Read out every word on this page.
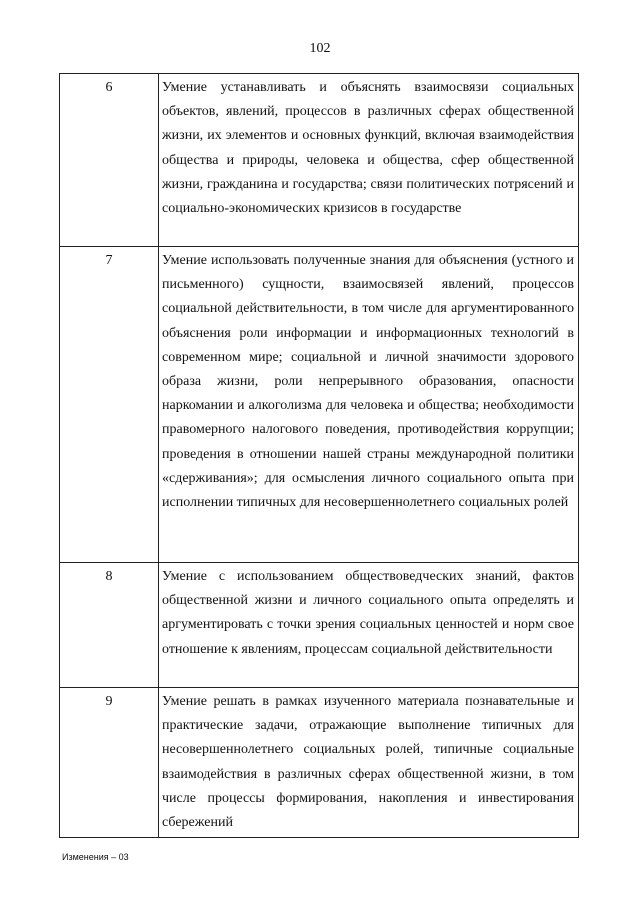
102
6	Умение устанавливать и объяснять взаимосвязи социальных объектов, явлений, процессов в различных сферах общественной жизни, их элементов и основных функций, включая взаимодействия общества и природы, человека и общества, сфер общественной жизни, гражданина и государства; связи политических потрясений и социально-экономических кризисов в государстве

7	Умение использовать полученные знания для объяснения (устного и письменного) сущности, взаимосвязей явлений, процессов социальной действительности, в том числе для аргументированного объяснения роли информации и информационных технологий в современном мире; социальной и личной значимости здорового образа жизни, роли непрерывного образования, опасности наркомании и алкоголизма для человека и общества; необходимости правомерного налогового поведения, противодействия коррупции; проведения в отношении нашей страны международной политики «сдерживания»; для осмысления личного социального опыта при исполнении типичных для несовершеннолетнего социальных ролей

8	Умение с использованием обществоведческих знаний, фактов общественной жизни и личного социального опыта определять и аргументировать с точки зрения социальных ценностей и норм свое отношение к явлениям, процессам социальной действительности

9	Умение решать в рамках изученного материала познавательные и практические задачи, отражающие выполнение типичных для несовершеннолетнего социальных ролей, типичные социальные взаимодействия в различных сферах общественной жизни, в том числе процессы формирования, накопления и инвестирования сбережений
Изменения – 03
